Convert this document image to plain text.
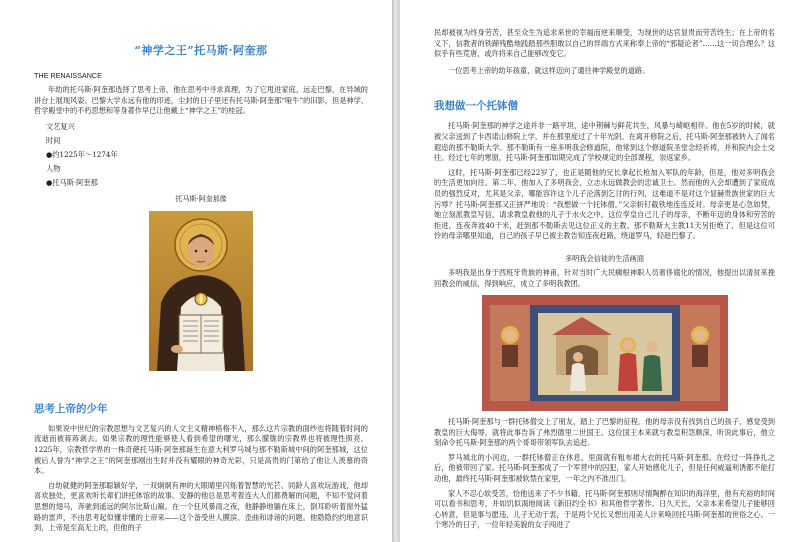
“神学之王”托马斯·阿奎那
THE RENAISSANCE

年幼的托马斯·阿奎那选择了思考上帝，他在思考中寻求真理，为了它甩进家庭，远走巴黎，在异域的讲台上展现风姿。巴黎大学永远有他的印迹，尘封的日子里还有托马斯·阿奎那“哑牛”的旧影，但是神学、哲学殿堂中的不朽思想和等身著作早已让他戴上“神学之王”的桂冠。

文艺复兴
时间
●约1225年～1274年
人物
●托马斯·阿奎那
托马斯·阿奎那像
思考上帝的少年

如果说中世纪的宗教思想与文艺复兴的人文主义精神格格不入，那么这片宗教的面纱也将随着时间的流逝而被蒋蒋剥去。如果宗教的理性能够使人看到希望的曙光，那么朦胧的宗教界也将被理性照亮。1225年，宗教哲学界的一株奇葩托马斯·阿奎那诞生在意大利罗马城与那不勒斯城中间的阿奎那城，这位被后人誉为“神学之王”的阿奎那刚出生时并没有耀眼的神奇光彩，只是高贵的门第给了他让人羡慕的资本。

自幼就健的阿奎那聪颖好学，一双炯炯有神的大眼睛里闪烁着智慧的光芒。同龄人喜欢玩游戏，他却喜欢独处，更喜欢听长辈们讲托体馆的故事。安静的他总是思考着连大人们都费解的问题，不知不觉问着思想的翅马，奔驰到遥远的阿尔比斯山巅。在一个狂风暴雨之夜，他静静地躺在床上，倒耳聆听着窗外猛路的雷声，不由思考起似懂非懂的上帝来——这个备受世人膜滨、歪曲和诽谤的问题。他隐隐约约地意识到，上帝是至高无上的，但他的子

民却被视为终身劳苦，甚至众生为追求来世的幸福而逆来顺受，为现世的达官显贵而劳苦终生；在上帝的名义下，信教者的铁蹄残酷地践踏那些胆敢以自己的异端方式来称奉上帝的“邪疑论者”……这一切合理么？这似乎有些荒唐，或许将来自己能够改变它。

一位思考上帝的幼年孩童，就这样迈向了通往神学殿堂的道路。

我想做一个托钵僧

托马斯·阿奎那的神学之途并非一路平坦，途中荆棘与鲜花共生，风暴与崎岖相伴。他在5岁的时候，就被父亲送到了卡西诺山修院上学，并在那里度过了十年光阴。在离开修院之后，托马斯·阿奎那被转入了闻名遐迩的那不勒斯大学。那不勒斯有一座多明我会修道院，他常到这个修道院圣堂念经祈祷，并和院内会士交往。经过七年的寒窗，托马斯·阿奎那如期完成了学校规定的全部课程，崇返家乡。

这时，托马斯·阿奎那已经22岁了，也正是随他的兄长拿起长枪加入军队的年龄，但是，他对多明我会的生活更加向往。第二年，他加入了多明我会，立志永远做教会的忠诚卫士。然而他的入会却遭到了家庭成员的强烈反对，尤其是父亲，哪能容许这个儿子沦落到乞讨的行列，这难道不是对这个显赫贵族世家的巨大污辱？托马斯·阿奎那又正拼严地说：“我想做一个托钵僧。”父亲斩钉截铁地连连反对。母亲更是心急如焚，她立刻派教皇写信，请求教皇救他的儿子于水火之中。这位孪皇自己儿子的母亲，不断年迈的身体和劳苦的拒进，连夜奔波40千米，赶到那不勒斯去见这位正义的主教。那不勒斯大主教11天另拒绝了，但是这位可怜的母亲哪里知道，自己的孩子早已被主教告知连夜赶路，绕道罗马，轻趁巴黎了。

多明我会信徒的生活画面

多明我是出身于西班牙贵族的神甫，针对当时广大民瘸根神职人员奢侈腐化的情况，他提出以清贫来挽回教会的威信，得到响应，成立了多明我教团。

托马斯·阿奎那与一群托钵僧交上了朋友，踏上了巴黎的征程。他的母亲没有找到自己的孩子，感觉受到教皇的巨大侮辱，就将此事告诉了弗烈德里二世国王。这位国王本来就与教皇积怨颇深，听说此事后，他立刻命令托马斯·阿奎那的两个哥哥带领军队去追赶。

罗马城北的小河边，一群托钵僧正在休息，里面就有粗布裙大衣的托马斯·阿奎那。在经过一阵挣扎之后，他被带回了家。托马斯·阿奎那成了一个军营中的囚犯，家人开始感化儿子，但是任何威逼利诱都不能打动他，最终托马斯·阿奎那被软禁在家里，一年之内不准出门。

家人不忍心软受苦，恰他送来了不少书籍，托马斯·阿奎那则尽情陶醉在知识的海洋里，他有充裕的时间可以看书和思考，并如饥似渴地阅读《新旧约全书》和其他哲学著作。日久天长，父亲本来希望儿子能够回心转意，但是事与愿违，儿子无动于衷，于是两个兄长又想出用美人计来唤回托马斯·阿奎那的世俗之心。一个寒冷的日子，一位年轻美貌的女子闯进了
